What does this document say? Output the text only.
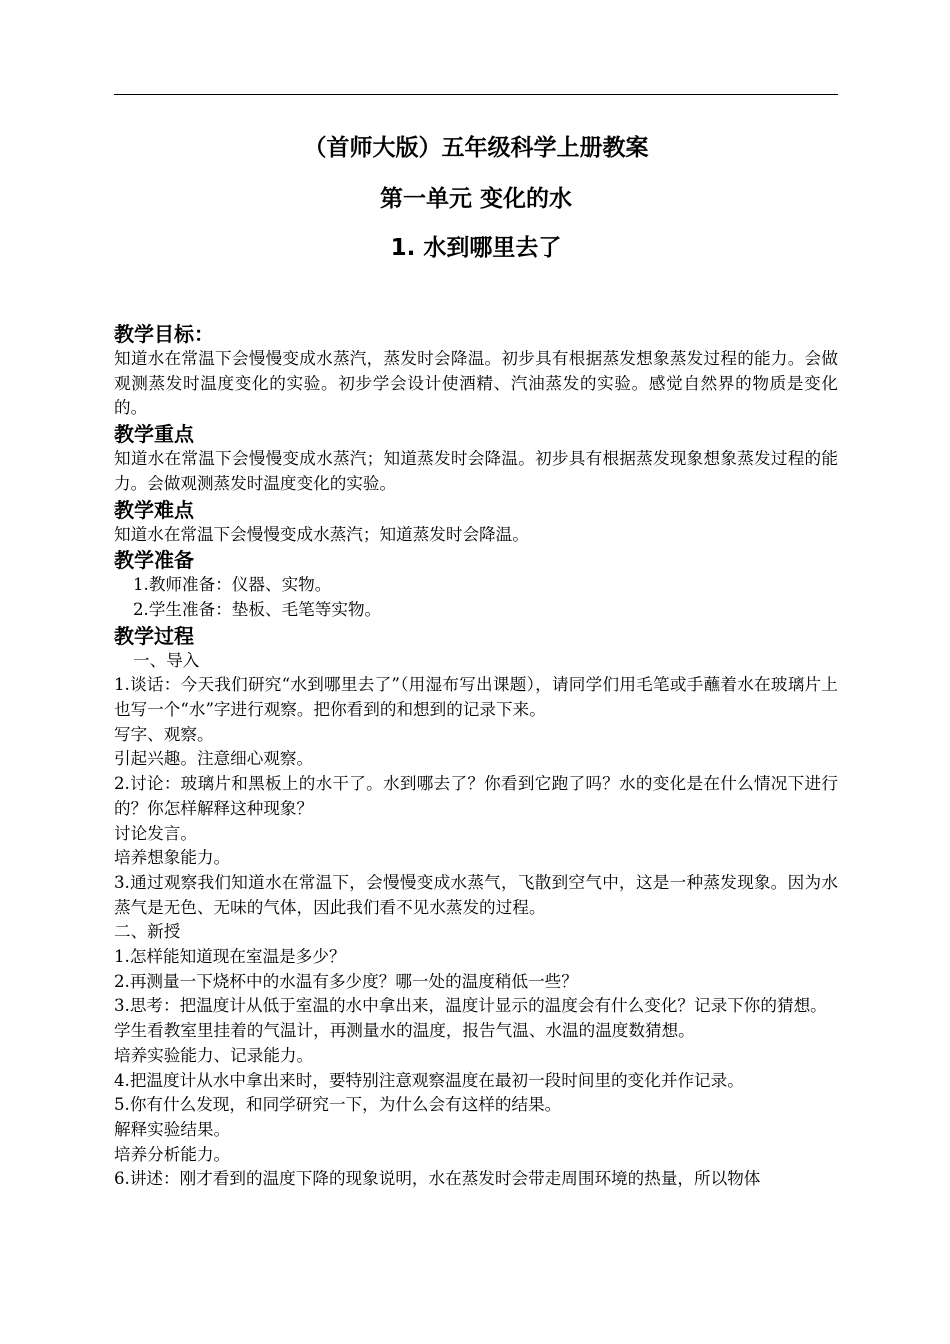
（首师大版）五年级科学上册教案
第一单元 变化的水
1. 水到哪里去了
教学目标：
知道水在常温下会慢慢变成水蒸汽，蒸发时会降温。初步具有根据蒸发想象蒸发过程的能力。会做观测蒸发时温度变化的实验。初步学会设计使酒精、汽油蒸发的实验。感觉自然界的物质是变化的。
教学重点
知道水在常温下会慢慢变成水蒸汽；知道蒸发时会降温。初步具有根据蒸发现象想象蒸发过程的能力。会做观测蒸发时温度变化的实验。
教学难点
知道水在常温下会慢慢变成水蒸汽；知道蒸发时会降温。
教学准备
1.教师准备：仪器、实物。
2.学生准备：垫板、毛笔等实物。
教学过程
一、导入
1.谈话：今天我们研究“水到哪里去了”（用湿布写出课题），请同学们用毛笔或手蘸着水在玻璃片上也写一个“水”字进行观察。把你看到的和想到的记录下来。
写字、观察。
引起兴趣。注意细心观察。
2.讨论：玻璃片和黑板上的水干了。水到哪去了？你看到它跑了吗？水的变化是在什么情况下进行的？你怎样解释这种现象？
讨论发言。
培养想象能力。
3.通过观察我们知道水在常温下，会慢慢变成水蒸气，飞散到空气中，这是一种蒸发现象。因为水蒸气是无色、无味的气体，因此我们看不见水蒸发的过程。
二、新授
1.怎样能知道现在室温是多少？
2.再测量一下烧杯中的水温有多少度？哪一处的温度稍低一些？
3.思考：把温度计从低于室温的水中拿出来，温度计显示的温度会有什么变化？记录下你的猜想。
学生看教室里挂着的气温计，再测量水的温度，报告气温、水温的温度数猜想。
培养实验能力、记录能力。
4.把温度计从水中拿出来时，要特别注意观察温度在最初一段时间里的变化并作记录。
5.你有什么发现，和同学研究一下，为什么会有这样的结果。
解释实验结果。
培养分析能力。
6.讲述：刚才看到的温度下降的现象说明，水在蒸发时会带走周围环境的热量，所以物体
